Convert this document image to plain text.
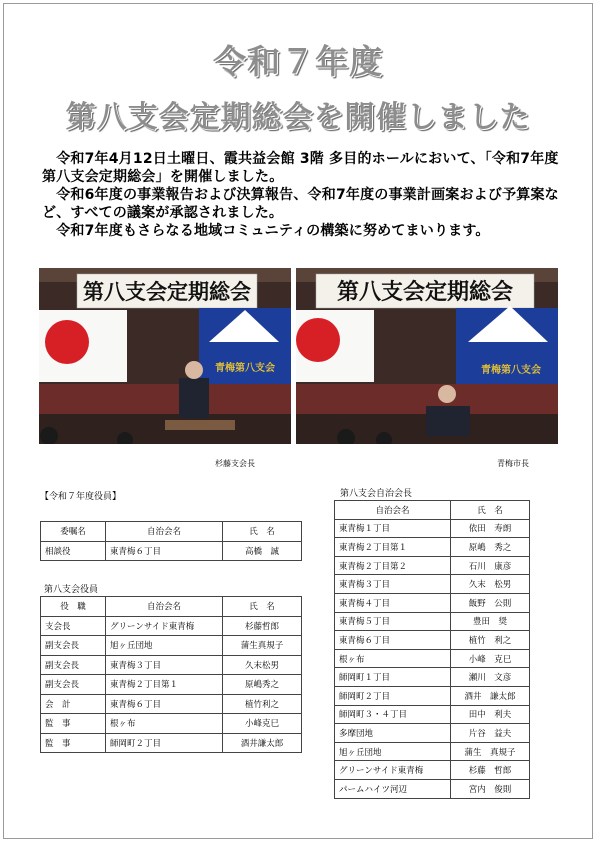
令和７年度
第八支会定期総会を開催しました

　令和7年4月12日土曜日、霞共益会館 3階 多目的ホールにおいて、「令和7年度第八支会定期総会」を開催しました。

　令和6年度の事業報告および決算報告、令和7年度の事業計画案および予算案など、すべての議案が承認されました。

　令和7年度もさらなる地域コミュニティの構築に努めてまいります。

第八支会定期総会
青梅第八支会
第八支会定期総会
青梅第八支会
杉藤支会長	青梅市長
【令和７年度役員】
委嘱名	自治会名	氏　名
相談役	東青梅６丁目	高橋　誠
第八支会役員
役　職	自治会名	氏　名
支会長	グリーンサイド東青梅	杉藤哲郎
副支会長	旭ヶ丘団地	蒲生真規子
副支会長	東青梅３丁目	久末松男
副支会長	東青梅２丁目第１	原嶋秀之
会　計	東青梅６丁目	植竹利之
監　事	根ヶ布	小峰克巳
監　事	師岡町２丁目	酒井謙太郎
第八支会自治会長
自治会名	氏　名
東青梅１丁目	依田　寿朗
東青梅２丁目第１	原嶋　秀之
東青梅２丁目第２	石川　康彦
東青梅３丁目	久末　松男
東青梅４丁目	飯野　公則
東青梅５丁目	豊田　奨
東青梅６丁目	植竹　利之
根ヶ布	小峰　克巳
師岡町１丁目	瀬川　文彦
師岡町２丁目	酒井　謙太郎
師岡町３・４丁目	田中　利夫
多摩団地	片谷　益夫
旭ヶ丘団地	蒲生　真規子
グリーンサイド東青梅	杉藤　哲郎
パームハイツ河辺	宮内　俊則
